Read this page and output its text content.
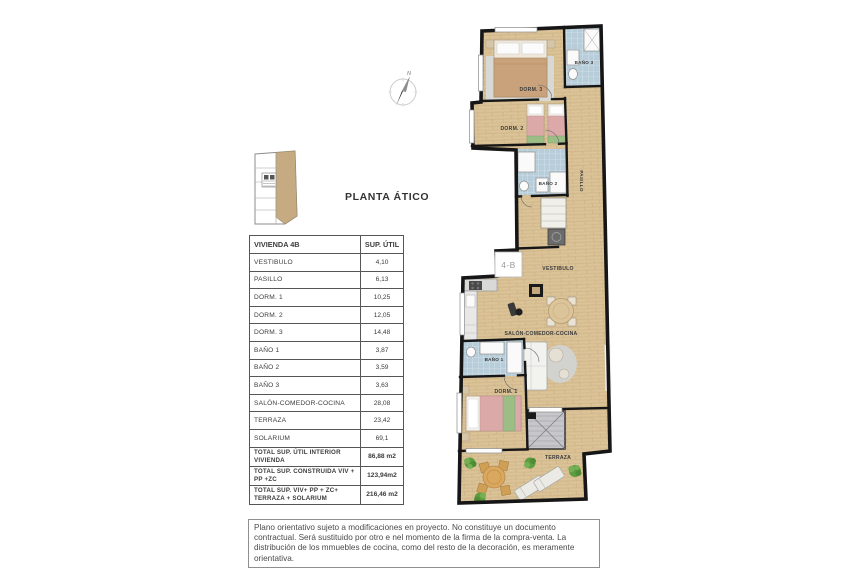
N
PLANTA ÁTICO
VIVIENDA 4B	SUP. ÚTIL
VESTIBULO	4,10
PASILLO	6,13
DORM. 1	10,25
DORM. 2	12,05
DORM. 3	14,48
BAÑO 1	3,87
BAÑO 2	3,59
BAÑO 3	3,63
SALÓN-COMEDOR-COCINA	28,08
TERRAZA	23,42
SOLARIUM	69,1
TOTAL SUP. ÚTIL INTERIOR VIVIENDA	86,88 m2
TOTAL SUP. CONSTRUIDA VIV + PP +ZC	123,94m2
TOTAL SUP. VIV+ PP + ZC+ TERRAZA + SOLARIUM	216,46 m2
4-B
DORM. 3
BAÑO 3
DORM. 2
BAÑO 2	PASILLO
VESTIBULO
SALÓN-COMEDOR-COCINA
BAÑO 1
DORM. 1
TERRAZA
Plano orientativo sujeto a modificaciones en proyecto. No constituye un documento contractual. Será sustituido por otro e nel momento de la firma de la compra-venta. La distribución de los mmuebles de cocina, como del resto de la decoración, es meramente orientativa.
